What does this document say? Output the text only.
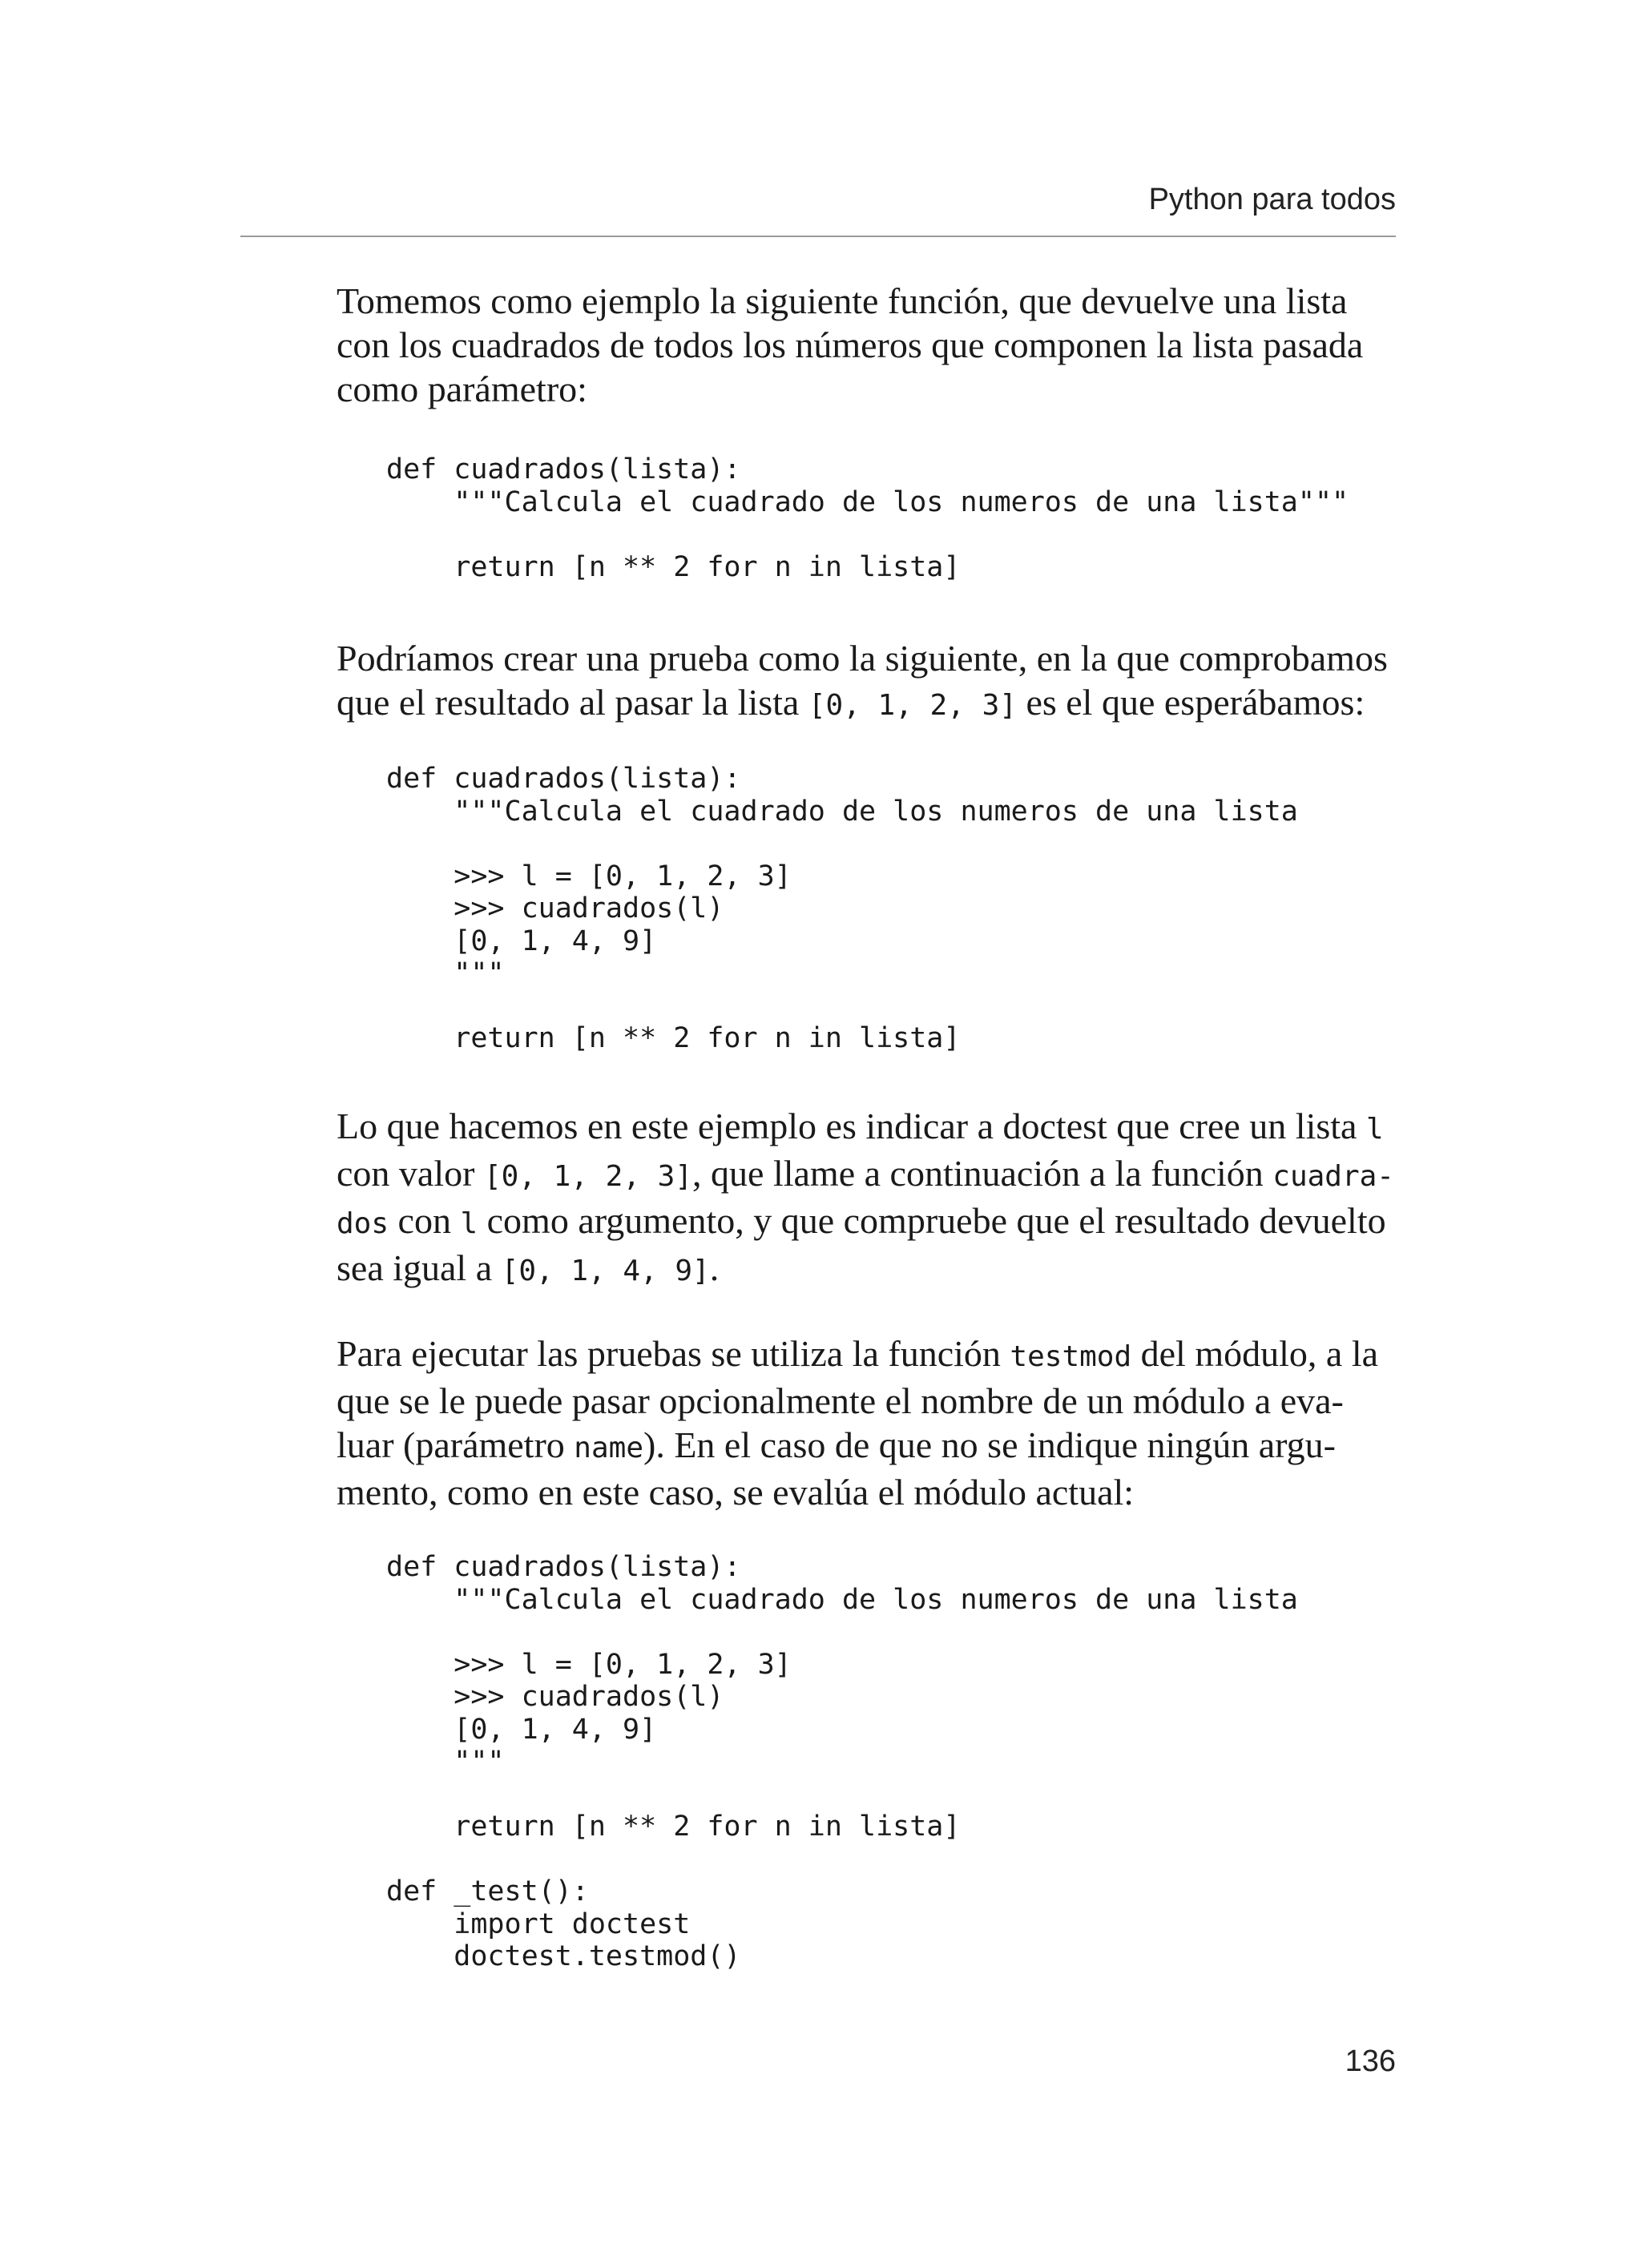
Python para todos

Tomemos como ejemplo la siguiente función, que devuelve una lista con los cuadrados de todos los números que componen la lista pasada como parámetro:

def cuadrados(lista):
"""Calcula el cuadrado de los numeros de una lista"""

return [n ** 2 for n in lista]

Podríamos crear una prueba como la siguiente, en la que comprobamos que el resultado al pasar la lista [0, 1, 2, 3] es el que esperábamos:

def cuadrados(lista):
"""Calcula el cuadrado de los numeros de una lista

>>> l = [0, 1, 2, 3]
>>> cuadrados(l)
[0, 1, 4, 9]
"""

return [n ** 2 for n in lista]

Lo que hacemos en este ejemplo es indicar a doctest que cree un lista l con valor [0, 1, 2, 3], que llame a continuación a la función cuadra-dos con l como argumento, y que compruebe que el resultado devuelto sea igual a [0, 1, 4, 9].

Para ejecutar las pruebas se utiliza la función testmod del módulo, a la que se le puede pasar opcionalmente el nombre de un módulo a eva-luar (parámetro name). En el caso de que no se indique ningún argu-mento, como en este caso, se evalúa el módulo actual:

def cuadrados(lista):
"""Calcula el cuadrado de los numeros de una lista

>>> l = [0, 1, 2, 3]
>>> cuadrados(l)
[0, 1, 4, 9]
"""

return [n ** 2 for n in lista]

def _test():
import doctest
doctest.testmod()
136
